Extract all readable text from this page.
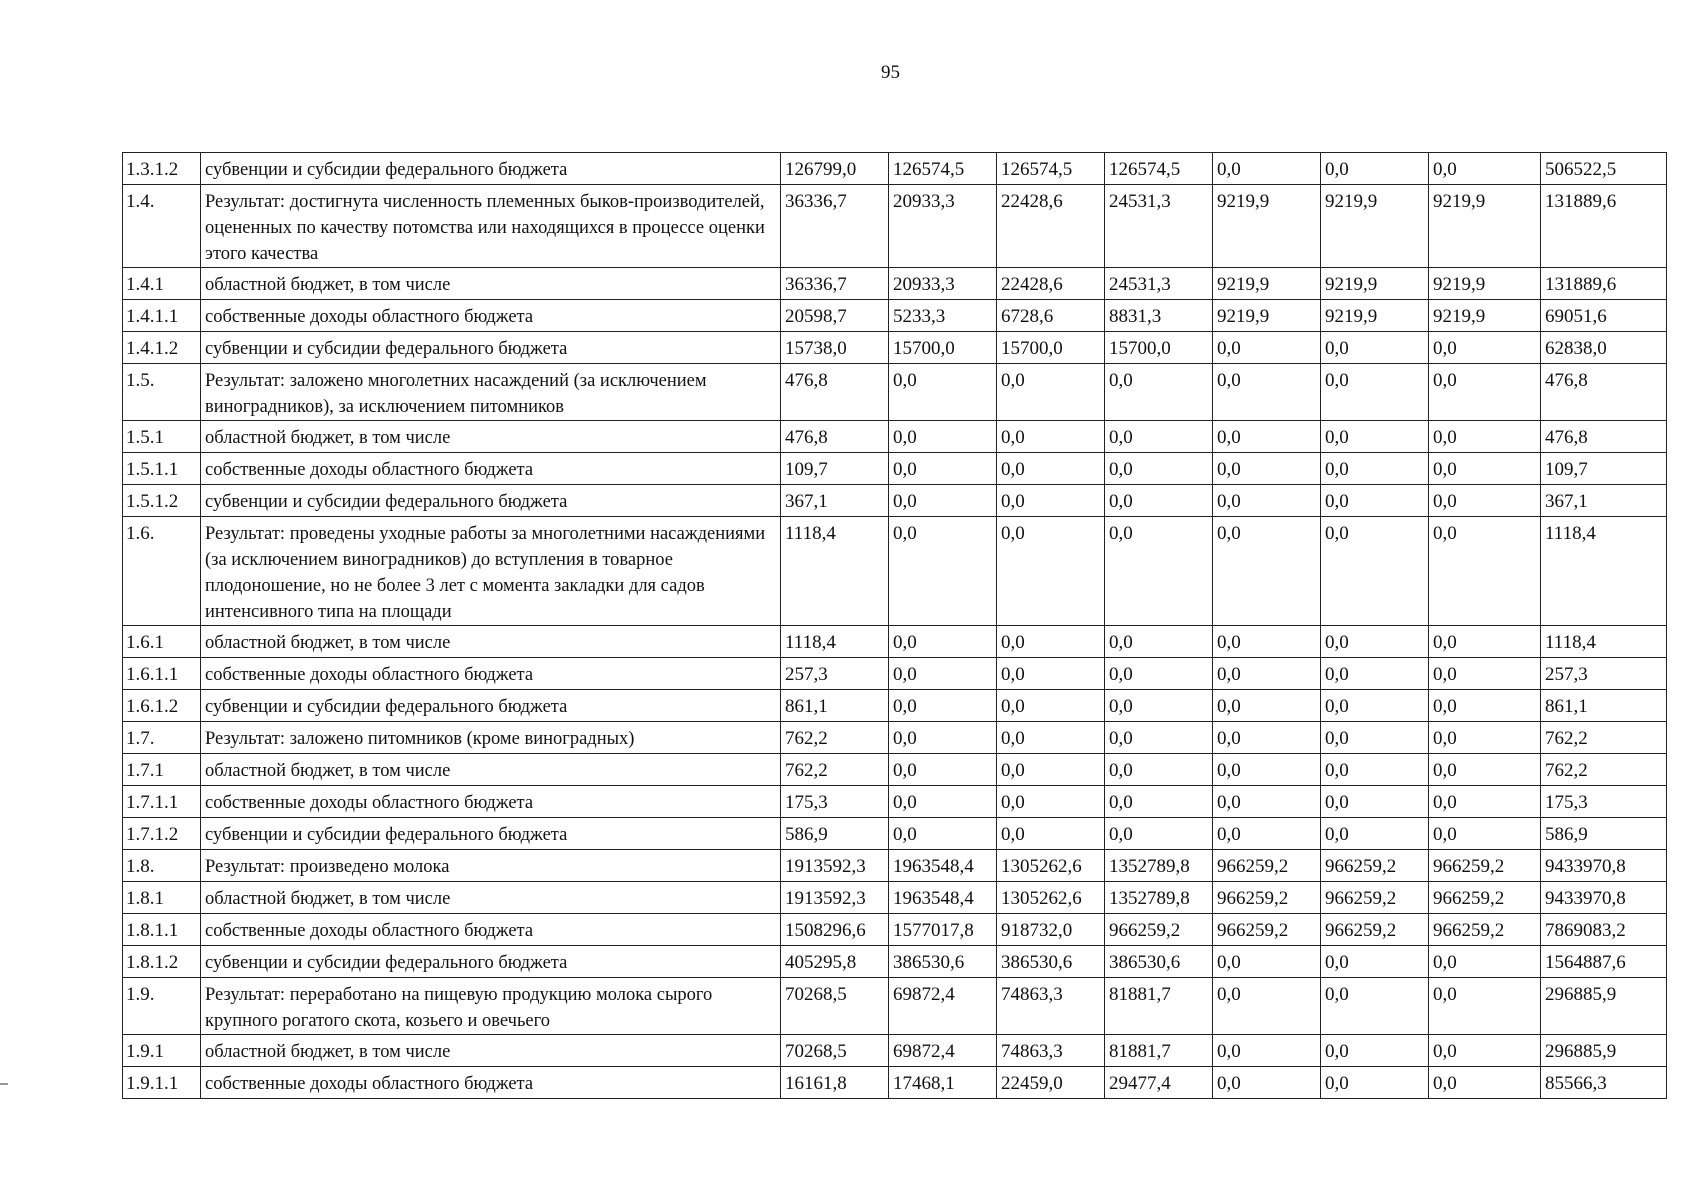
95
1.3.1.2	субвенции и субсидии федерального бюджета	126799,0	126574,5	126574,5	126574,5	0,0	0,0	0,0	506522,5
1.4.	Результат: достигнута численность племенных быков-производителей, оцененных по качеству потомства или находящихся в процессе оценки этого качества	36336,7	20933,3	22428,6	24531,3	9219,9	9219,9	9219,9	131889,6
1.4.1	областной бюджет, в том числе	36336,7	20933,3	22428,6	24531,3	9219,9	9219,9	9219,9	131889,6
1.4.1.1	собственные доходы областного бюджета	20598,7	5233,3	6728,6	8831,3	9219,9	9219,9	9219,9	69051,6
1.4.1.2	субвенции и субсидии федерального бюджета	15738,0	15700,0	15700,0	15700,0	0,0	0,0	0,0	62838,0
1.5.	Результат: заложено многолетних насаждений (за исключением виноградников), за исключением питомников	476,8	0,0	0,0	0,0	0,0	0,0	0,0	476,8
1.5.1	областной бюджет, в том числе	476,8	0,0	0,0	0,0	0,0	0,0	0,0	476,8
1.5.1.1	собственные доходы областного бюджета	109,7	0,0	0,0	0,0	0,0	0,0	0,0	109,7
1.5.1.2	субвенции и субсидии федерального бюджета	367,1	0,0	0,0	0,0	0,0	0,0	0,0	367,1
1.6.	Результат: проведены уходные работы за многолетними насаждениями (за исключением виноградников) до вступления в товарное плодоношение, но не более 3 лет с момента закладки для садов интенсивного типа на площади	1118,4	0,0	0,0	0,0	0,0	0,0	0,0	1118,4
1.6.1	областной бюджет, в том числе	1118,4	0,0	0,0	0,0	0,0	0,0	0,0	1118,4
1.6.1.1	собственные доходы областного бюджета	257,3	0,0	0,0	0,0	0,0	0,0	0,0	257,3
1.6.1.2	субвенции и субсидии федерального бюджета	861,1	0,0	0,0	0,0	0,0	0,0	0,0	861,1
1.7.	Результат: заложено питомников (кроме виноградных)	762,2	0,0	0,0	0,0	0,0	0,0	0,0	762,2
1.7.1	областной бюджет, в том числе	762,2	0,0	0,0	0,0	0,0	0,0	0,0	762,2
1.7.1.1	собственные доходы областного бюджета	175,3	0,0	0,0	0,0	0,0	0,0	0,0	175,3
1.7.1.2	субвенции и субсидии федерального бюджета	586,9	0,0	0,0	0,0	0,0	0,0	0,0	586,9
1.8.	Результат: произведено молока	1913592,3	1963548,4	1305262,6	1352789,8	966259,2	966259,2	966259,2	9433970,8
1.8.1	областной бюджет, в том числе	1913592,3	1963548,4	1305262,6	1352789,8	966259,2	966259,2	966259,2	9433970,8
1.8.1.1	собственные доходы областного бюджета	1508296,6	1577017,8	918732,0	966259,2	966259,2	966259,2	966259,2	7869083,2
1.8.1.2	субвенции и субсидии федерального бюджета	405295,8	386530,6	386530,6	386530,6	0,0	0,0	0,0	1564887,6
1.9.	Результат: переработано на пищевую продукцию молока сырого крупного рогатого скота, козьего и овечьего	70268,5	69872,4	74863,3	81881,7	0,0	0,0	0,0	296885,9
1.9.1	областной бюджет, в том числе	70268,5	69872,4	74863,3	81881,7	0,0	0,0	0,0	296885,9
1.9.1.1	собственные доходы областного бюджета	16161,8	17468,1	22459,0	29477,4	0,0	0,0	0,0	85566,3
